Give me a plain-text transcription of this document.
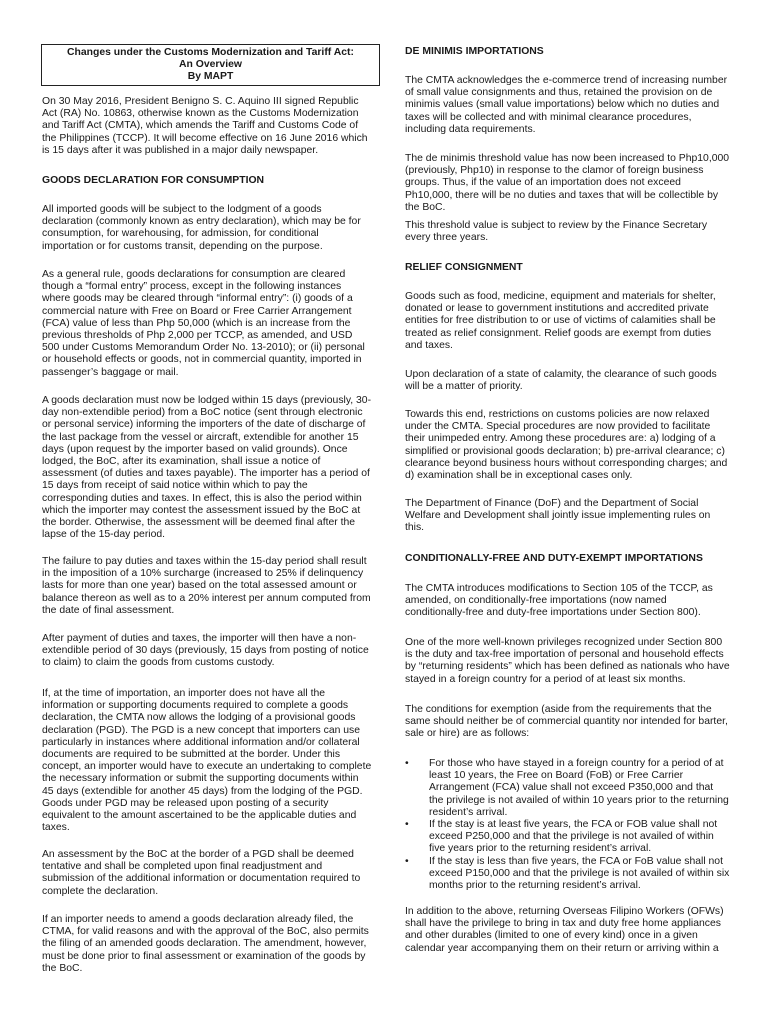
Changes under the Customs Modernization and Tariff Act:
An Overview
By MAPT

On 30 May 2016, President Benigno S. C. Aquino III signed Republic Act (RA) No. 10863, otherwise known as the Customs Modernization and Tariff Act (CMTA), which amends the Tariff and Customs Code of the Philippines (TCCP). It will become effective on 16 June 2016 which is 15 days after it was published in a major daily newspaper.

GOODS DECLARATION FOR CONSUMPTION

All imported goods will be subject to the lodgment of a goods declaration (commonly known as entry declaration), which may be for consumption, for warehousing, for admission, for conditional importation or for customs transit, depending on the purpose.

As a general rule, goods declarations for consumption are cleared though a “formal entry” process, except in the following instances where goods may be cleared through “informal entry”: (i) goods of a commercial nature with Free on Board or Free Carrier Arrangement (FCA) value of less than Php 50,000 (which is an increase from the previous thresholds of Php 2,000 per TCCP, as amended, and USD 500 under Customs Memorandum Order No. 13-2010); or (ii) personal or household effects or goods, not in commercial quantity, imported in passenger’s baggage or mail.

A goods declaration must now be lodged within 15 days (previously, 30-day non-extendible period) from a BoC notice (sent through electronic or personal service) informing the importers of the date of discharge of the last package from the vessel or aircraft, extendible for another 15 days (upon request by the importer based on valid grounds). Once lodged, the BoC, after its examination, shall issue a notice of assessment (of duties and taxes payable). The importer has a period of 15 days from receipt of said notice within which to pay the corresponding duties and taxes. In effect, this is also the period within which the importer may contest the assessment issued by the BoC at the border. Otherwise, the assessment will be deemed final after the lapse of the 15-day period.

The failure to pay duties and taxes within the 15-day period shall result in the imposition of a 10% surcharge (increased to 25% if delinquency lasts for more than one year) based on the total assessed amount or balance thereon as well as to a 20% interest per annum computed from the date of final assessment.

After payment of duties and taxes, the importer will then have a non-extendible period of 30 days (previously, 15 days from posting of notice to claim) to claim the goods from customs custody.

If, at the time of importation, an importer does not have all the information or supporting documents required to complete a goods declaration, the CMTA now allows the lodging of a provisional goods declaration (PGD). The PGD is a new concept that importers can use particularly in instances where additional information and/or collateral documents are required to be submitted at the border. Under this concept, an importer would have to execute an undertaking to complete the necessary information or submit the supporting documents within 45 days (extendible for another 45 days) from the lodging of the PGD. Goods under PGD may be released upon posting of a security equivalent to the amount ascertained to be the applicable duties and taxes.

An assessment by the BoC at the border of a PGD shall be deemed tentative and shall be completed upon final readjustment and submission of the additional information or documentation required to complete the declaration.

If an importer needs to amend a goods declaration already filed, the CTMA, for valid reasons and with the approval of the BoC, also permits the filing of an amended goods declaration. The amendment, however, must be done prior to final assessment or examination of the goods by the BoC.

DE MINIMIS IMPORTATIONS

The CMTA acknowledges the e-commerce trend of increasing number of small value consignments and thus, retained the provision on de minimis values (small value importations) below which no duties and taxes will be collected and with minimal clearance procedures, including data requirements.

The de minimis threshold value has now been increased to Php10,000 (previously, Php10) in response to the clamor of foreign business groups. Thus, if the value of an importation does not exceed Ph10,000, there will be no duties and taxes that will be collectible by the BoC.

This threshold value is subject to review by the Finance Secretary every three years.

RELIEF CONSIGNMENT

Goods such as food, medicine, equipment and materials for shelter, donated or lease to government institutions and accredited private entities for free distribution to or use of victims of calamities shall be treated as relief consignment. Relief goods are exempt from duties and taxes.

Upon declaration of a state of calamity, the clearance of such goods will be a matter of priority.

Towards this end, restrictions on customs policies are now relaxed under the CMTA. Special procedures are now provided to facilitate their unimpeded entry. Among these procedures are: a) lodging of a simplified or provisional goods declaration; b) pre-arrival clearance; c) clearance beyond business hours without corresponding charges; and d) examination shall be in exceptional cases only.

The Department of Finance (DoF) and the Department of Social Welfare and Development shall jointly issue implementing rules on this.

CONDITIONALLY-FREE AND DUTY-EXEMPT IMPORTATIONS

The CMTA introduces modifications to Section 105 of the TCCP, as amended, on conditionally-free importations (now named conditionally-free and duty-free importations under Section 800).

One of the more well-known privileges recognized under Section 800 is the duty and tax-free importation of personal and household effects by “returning residents” which has been defined as nationals who have stayed in a foreign country for a period of at least six months.

The conditions for exemption (aside from the requirements that the same should neither be of commercial quantity nor intended for barter, sale or hire) are as follows:

• For those who have stayed in a foreign country for a period of at least 10 years, the Free on Board (FoB) or Free Carrier Arrangement (FCA) value shall not exceed P350,000 and that the privilege is not availed of within 10 years prior to the returning resident’s arrival.
• If the stay is at least five years, the FCA or FOB value shall not exceed P250,000 and that the privilege is not availed of within five years prior to the returning resident’s arrival.
• If the stay is less than five years, the FCA or FoB value shall not exceed P150,000 and that the privilege is not availed of within six months prior to the returning resident’s arrival.

In addition to the above, returning Overseas Filipino Workers (OFWs) shall have the privilege to bring in tax and duty free home appliances and other durables (limited to one of every kind) once in a given calendar year accompanying them on their return or arriving within a
